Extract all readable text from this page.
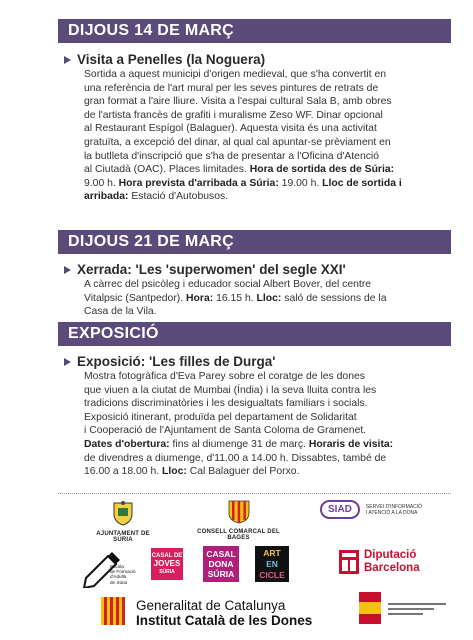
DIJOUS 14 DE MARÇ
Visita a Penelles (la Noguera)
Sortida a aquest municipi d'origen medieval, que s'ha convertit en
una referència de l'art mural per les seves pintures de retrats de
gran format a l'aire lliure. Visita a l'espai cultural Sala B, amb obres
de l'artista francès de grafiti i muralisme Zeso WF. Dinar opcional
al Restaurant Espígol (Balaguer). Aquesta visita és una activitat
gratuïta, a excepció del dinar, al qual cal apuntar-se prèviament en
la butlleta d'inscripció que s'ha de presentar a l'Oficina d'Atenció
al Ciutadà (OAC). Places limitades. Hora de sortida des de Súria:
9.00 h. Hora prevista d'arribada a Súria: 19.00 h. Lloc de sortida i
arribada: Estació d'Autobusos.
DIJOUS 21 DE MARÇ
Xerrada: 'Les 'superwomen' del segle XXI'
A càrrec del psicòleg i educador social Albert Bover, del centre
Vitalpsic (Santpedor). Hora: 16.15 h. Lloc: saló de sessions de la
Casa de la Vila.
EXPOSICIÓ
Exposició: 'Les filles de Durga'
Mostra fotogràfica d'Eva Parey sobre el coratge de les dones
que viuen a la ciutat de Mumbai (Índia) i la seva lluita contra les
tradicions discriminatòries i les desigualtats familiars i socials.
Exposició itinerant, produïda pel departament de Solidaritat
i Cooperació de l'Ajuntament de Santa Coloma de Gramenet.
Dates d'obertura: fins al diumenge 31 de març. Horaris de visita:
de divendres a diumenge, d'11.00 a 14.00 h. Dissabtes, també de
16.00 a 18.00 h. Lloc: Cal Balaguer del Porxo.
AJUNTAMENT DE SÚRIA
CONSELL COMARCAL DEL BAGES
SIAD	SERVEI D'INFORMACIÓ
I ATENCIÓ A LA DONA
Escola
de Formació
d'Adults
de Súria
CASAL DE
JOVES
SÚRIA
CASAL
DONA
SÚRIA
ART
EN
CICLE
Diputació
Barcelona
Generalitat de Catalunya
Institut Català de les Dones
